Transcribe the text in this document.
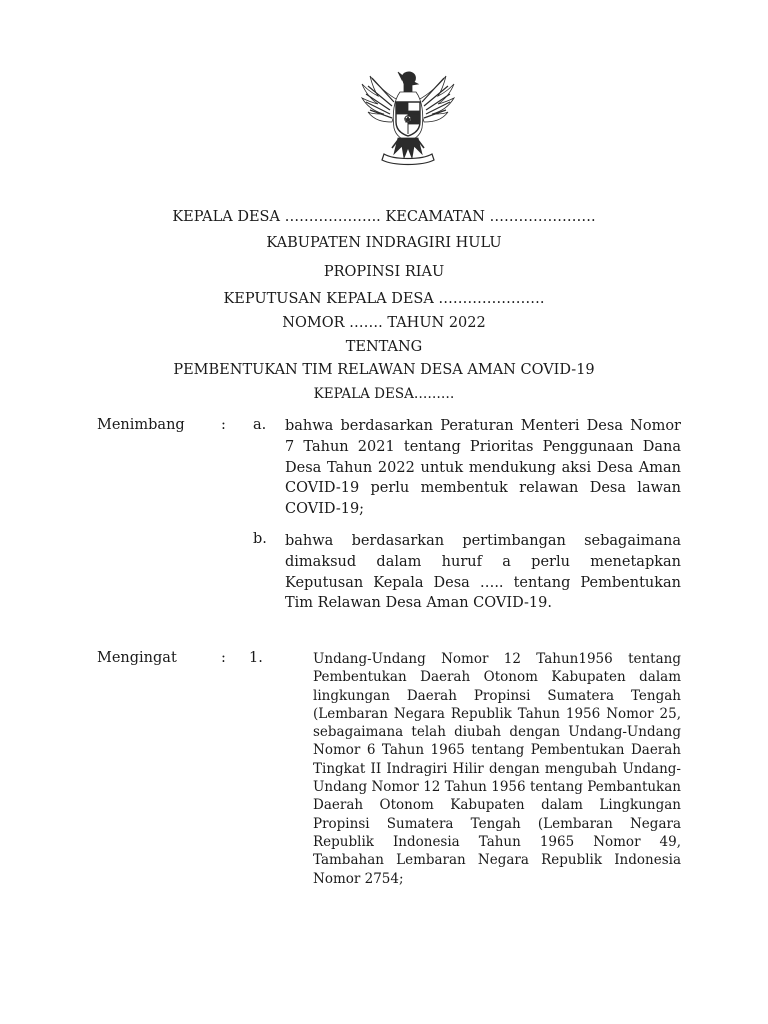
KEPALA DESA ……………….. KECAMATAN ………………….
KABUPATEN INDRAGIRI HULU
PROPINSI RIAU
KEPUTUSAN KEPALA DESA ………………….
NOMOR ……. TAHUN 2022
TENTANG
PEMBENTUKAN TIM RELAWAN DESA AMAN COVID-19
KEPALA DESA………
Menimbang	: a. bahwa berdasarkan Peraturan Menteri Desa Nomor 7 Tahun 2021 tentang Prioritas Penggunaan Dana Desa Tahun 2022 untuk mendukung aksi Desa Aman COVID-19 perlu membentuk relawan Desa lawan COVID-19;
b. bahwa berdasarkan pertimbangan sebagaimana dimaksud dalam huruf a perlu menetapkan Keputusan Kepala Desa ….. tentang Pembentukan Tim Relawan Desa Aman COVID-19.
Mengingat	: 1.	Undang-Undang Nomor 12 Tahun1956 tentang Pembentukan Daerah Otonom Kabupaten dalam lingkungan Daerah Propinsi Sumatera Tengah (Lembaran Negara Republik Tahun 1956 Nomor 25, sebagaimana telah diubah dengan Undang-Undang Nomor 6 Tahun 1965 tentang Pembentukan Daerah Tingkat II Indragiri Hilir dengan mengubah Undang-Undang Nomor 12 Tahun 1956 tentang Pembantukan Daerah Otonom Kabupaten dalam Lingkungan Propinsi Sumatera Tengah (Lembaran Negara Republik Indonesia Tahun 1965 Nomor 49, Tambahan Lembaran Negara Republik Indonesia Nomor 2754;
